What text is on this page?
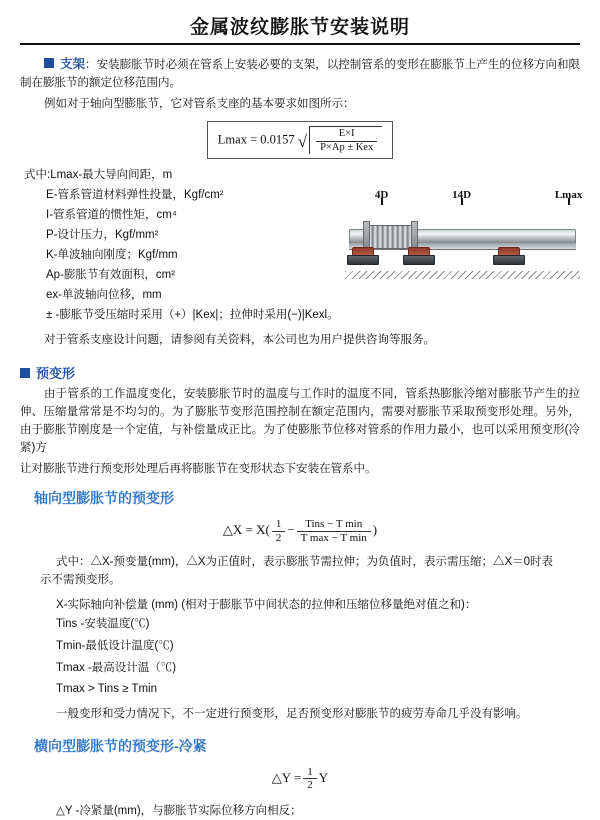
金属波纹膨胀节安装说明
支架：安装膨胀节时必须在管系上安装必要的支架，以控制管系的变形在膨胀节上产生的位移方向和限制在膨胀节的额定位移范围内。
例如对于轴向型膨胀节，它对管系支座的基本要求如图所示：
Lmax = 0.0157 √ $\frac{E\times I}{\text{P×Ap ± Kex}}$
式中:Lmax-最大导向间距，m
E-管系管道材料弹性投量，Kgf/cm²
I-管系管道的惯性矩，cm⁴
P-设计压力，Kgf/mm²
K-单波轴向刚度；Kgf/mm
Ap-膨胀节有效面积，cm²
ex-单波轴向位移，mm
± -膨胀节受压缩时采用（+）|Kex|；拉伸时采用(−)|Kexl。
4D	14D	Lmax
对于管系支座设计问题，请参阅有关资料，本公司也为用户提供咨询等服务。
预变形
由于管系的工作温度变化，安装膨胀节时的温度与工作时的温度不同，管系热膨胀冷缩对膨胀节产生的拉伸、压缩量常常是不均匀的。为了膨胀节变形范围控制在额定范围内，需要对膨胀节采取预变形处理。另外，由于膨胀节刚度是一个定值，与补偿量成正比。为了使膨胀节位移对管系的作用力最小，也可以采用预变形(冷紧)方
让对膨胀节进行预变形处理后再将膨胀节在变形状态下安装在管系中。
轴向型膨胀节的预变形
△X = $X( \frac{1}{2} - \frac{\text{Tins − T min}}{\text{T max − T min}}$ )
式中：△X-预变量(mm)，△X为正值时，表示膨胀节需拉伸；为负值时，表示需压缩；△X＝0时表
示不需预变形。
X-实际轴向补偿量 (mm) (相对于膨胀节中间状态的拉伸和压缩位移量绝对值之和)：
Tins -安装温度(℃)
Tmin-最低设计温度(℃)
Tmax -最高设计温（℃)
Tmax > Tins ≥ Tmin
一般变形和受力情况下，不一定进行预变形，足否预变形对膨胀节的疲劳寿命几乎没有影响。
横向型膨胀节的预变形-冷紧
△Y = $\frac{1}{2}$ Y
△Y -冷紧量(mm)，与膨胀节实际位移方向相反；
